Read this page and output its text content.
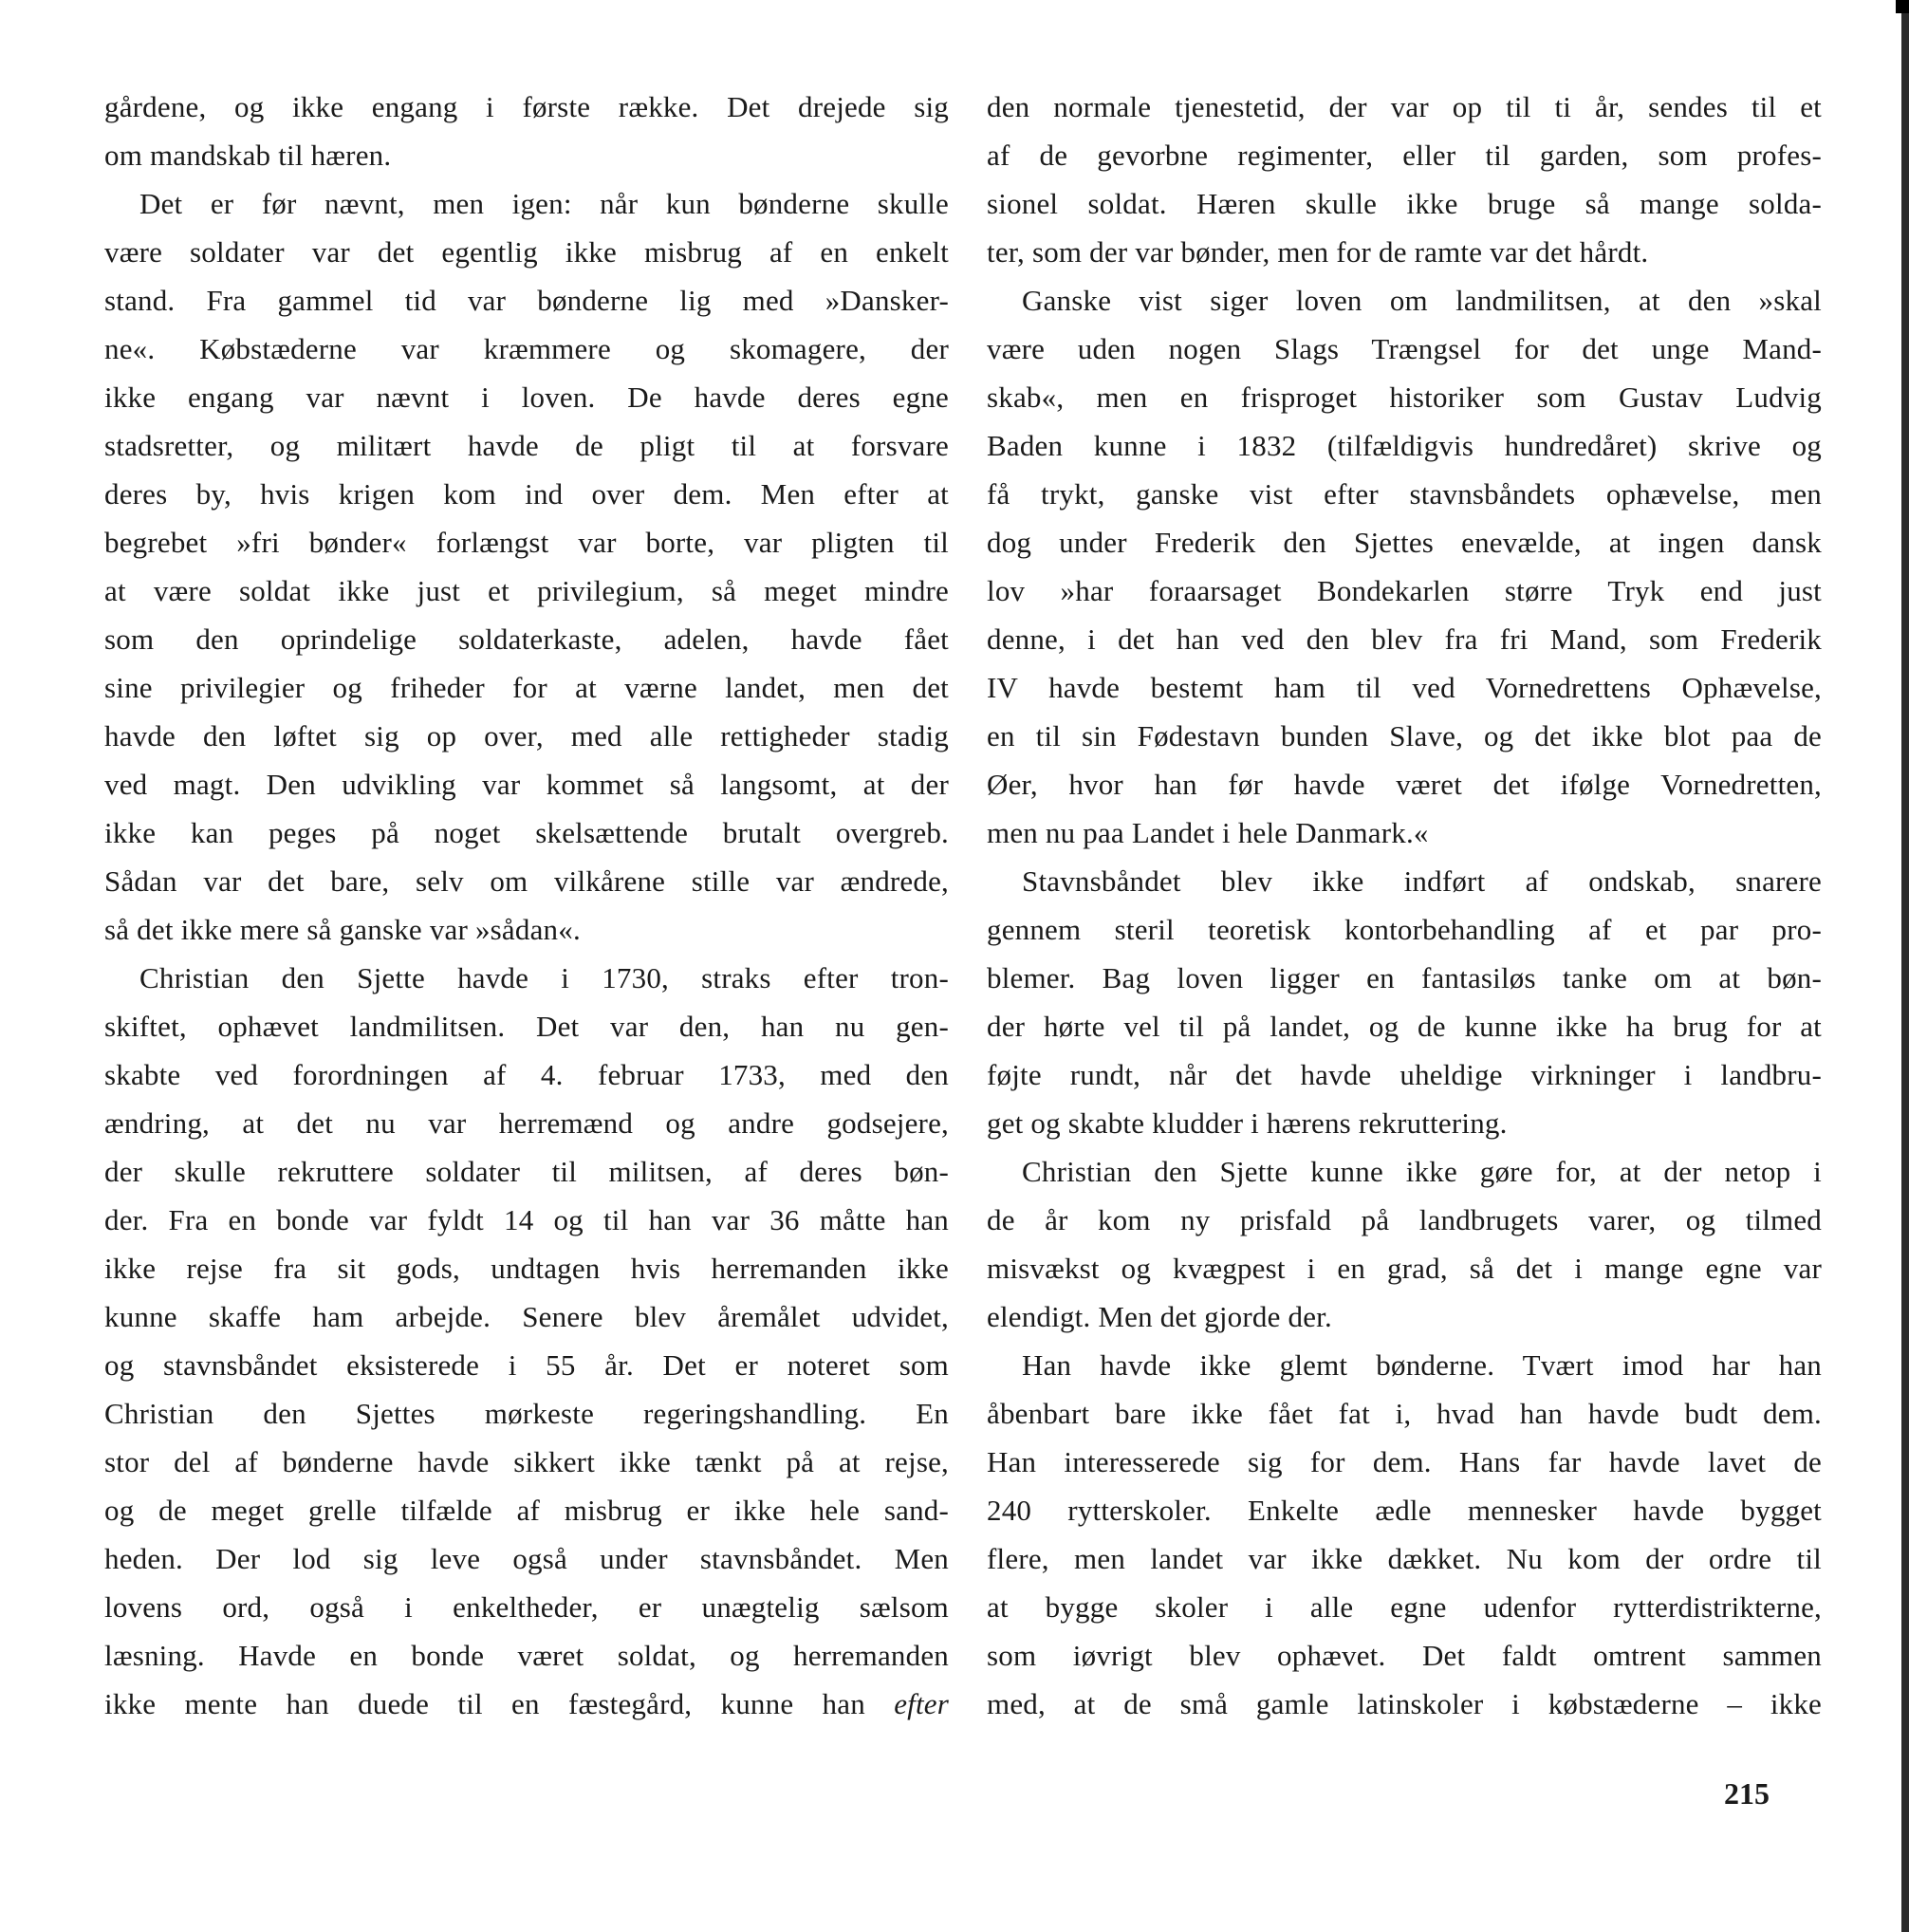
gårdene, og ikke engang i første række. Det drejede sig
om mandskab til hæren.
Det er før nævnt, men igen: når kun bønderne skulle
være soldater var det egentlig ikke misbrug af en enkelt
stand. Fra gammel tid var bønderne lig med »Dansker-
ne«. Købstæderne var kræmmere og skomagere, der
ikke engang var nævnt i loven. De havde deres egne
stadsretter, og militært havde de pligt til at forsvare
deres by, hvis krigen kom ind over dem. Men efter at
begrebet »fri bønder« forlængst var borte, var pligten til
at være soldat ikke just et privilegium, så meget mindre
som den oprindelige soldaterkaste, adelen, havde fået
sine privilegier og friheder for at værne landet, men det
havde den løftet sig op over, med alle rettigheder stadig
ved magt. Den udvikling var kommet så langsomt, at der
ikke kan peges på noget skelsættende brutalt overgreb.
Sådan var det bare, selv om vilkårene stille var ændrede,
så det ikke mere så ganske var »sådan«.
Christian den Sjette havde i 1730, straks efter tron-
skiftet, ophævet landmilitsen. Det var den, han nu gen-
skabte ved forordningen af 4. februar 1733, med den
ændring, at det nu var herremænd og andre godsejere,
der skulle rekruttere soldater til militsen, af deres bøn-
der. Fra en bonde var fyldt 14 og til han var 36 måtte han
ikke rejse fra sit gods, undtagen hvis herremanden ikke
kunne skaffe ham arbejde. Senere blev åremålet udvidet,
og stavnsbåndet eksisterede i 55 år. Det er noteret som
Christian den Sjettes mørkeste regeringshandling. En
stor del af bønderne havde sikkert ikke tænkt på at rejse,
og de meget grelle tilfælde af misbrug er ikke hele sand-
heden. Der lod sig leve også under stavnsbåndet. Men
lovens ord, også i enkeltheder, er unægtelig sælsom
læsning. Havde en bonde været soldat, og herremanden
ikke mente han duede til en fæstegård, kunne han efter
den normale tjenestetid, der var op til ti år, sendes til et
af de gevorbne regimenter, eller til garden, som profes-
sionel soldat. Hæren skulle ikke bruge så mange solda-
ter, som der var bønder, men for de ramte var det hårdt.
Ganske vist siger loven om landmilitsen, at den »skal
være uden nogen Slags Trængsel for det unge Mand-
skab«, men en frisproget historiker som Gustav Ludvig
Baden kunne i 1832 (tilfældigvis hundredåret) skrive og
få trykt, ganske vist efter stavnsbåndets ophævelse, men
dog under Frederik den Sjettes enevælde, at ingen dansk
lov »har foraarsaget Bondekarlen større Tryk end just
denne, i det han ved den blev fra fri Mand, som Frederik
IV havde bestemt ham til ved Vornedrettens Ophævelse,
en til sin Fødestavn bunden Slave, og det ikke blot paa de
Øer, hvor han før havde været det ifølge Vornedretten,
men nu paa Landet i hele Danmark.«
Stavnsbåndet blev ikke indført af ondskab, snarere
gennem steril teoretisk kontorbehandling af et par pro-
blemer. Bag loven ligger en fantasiløs tanke om at bøn-
der hørte vel til på landet, og de kunne ikke ha brug for at
føjte rundt, når det havde uheldige virkninger i landbru-
get og skabte kludder i hærens rekruttering.
Christian den Sjette kunne ikke gøre for, at der netop i
de år kom ny prisfald på landbrugets varer, og tilmed
misvækst og kvægpest i en grad, så det i mange egne var
elendigt. Men det gjorde der.
Han havde ikke glemt bønderne. Tvært imod har han
åbenbart bare ikke fået fat i, hvad han havde budt dem.
Han interesserede sig for dem. Hans far havde lavet de
240 rytterskoler. Enkelte ædle mennesker havde bygget
flere, men landet var ikke dækket. Nu kom der ordre til
at bygge skoler i alle egne udenfor rytterdistrikterne,
som iøvrigt blev ophævet. Det faldt omtrent sammen
med, at de små gamle latinskoler i købstæderne – ikke
215
